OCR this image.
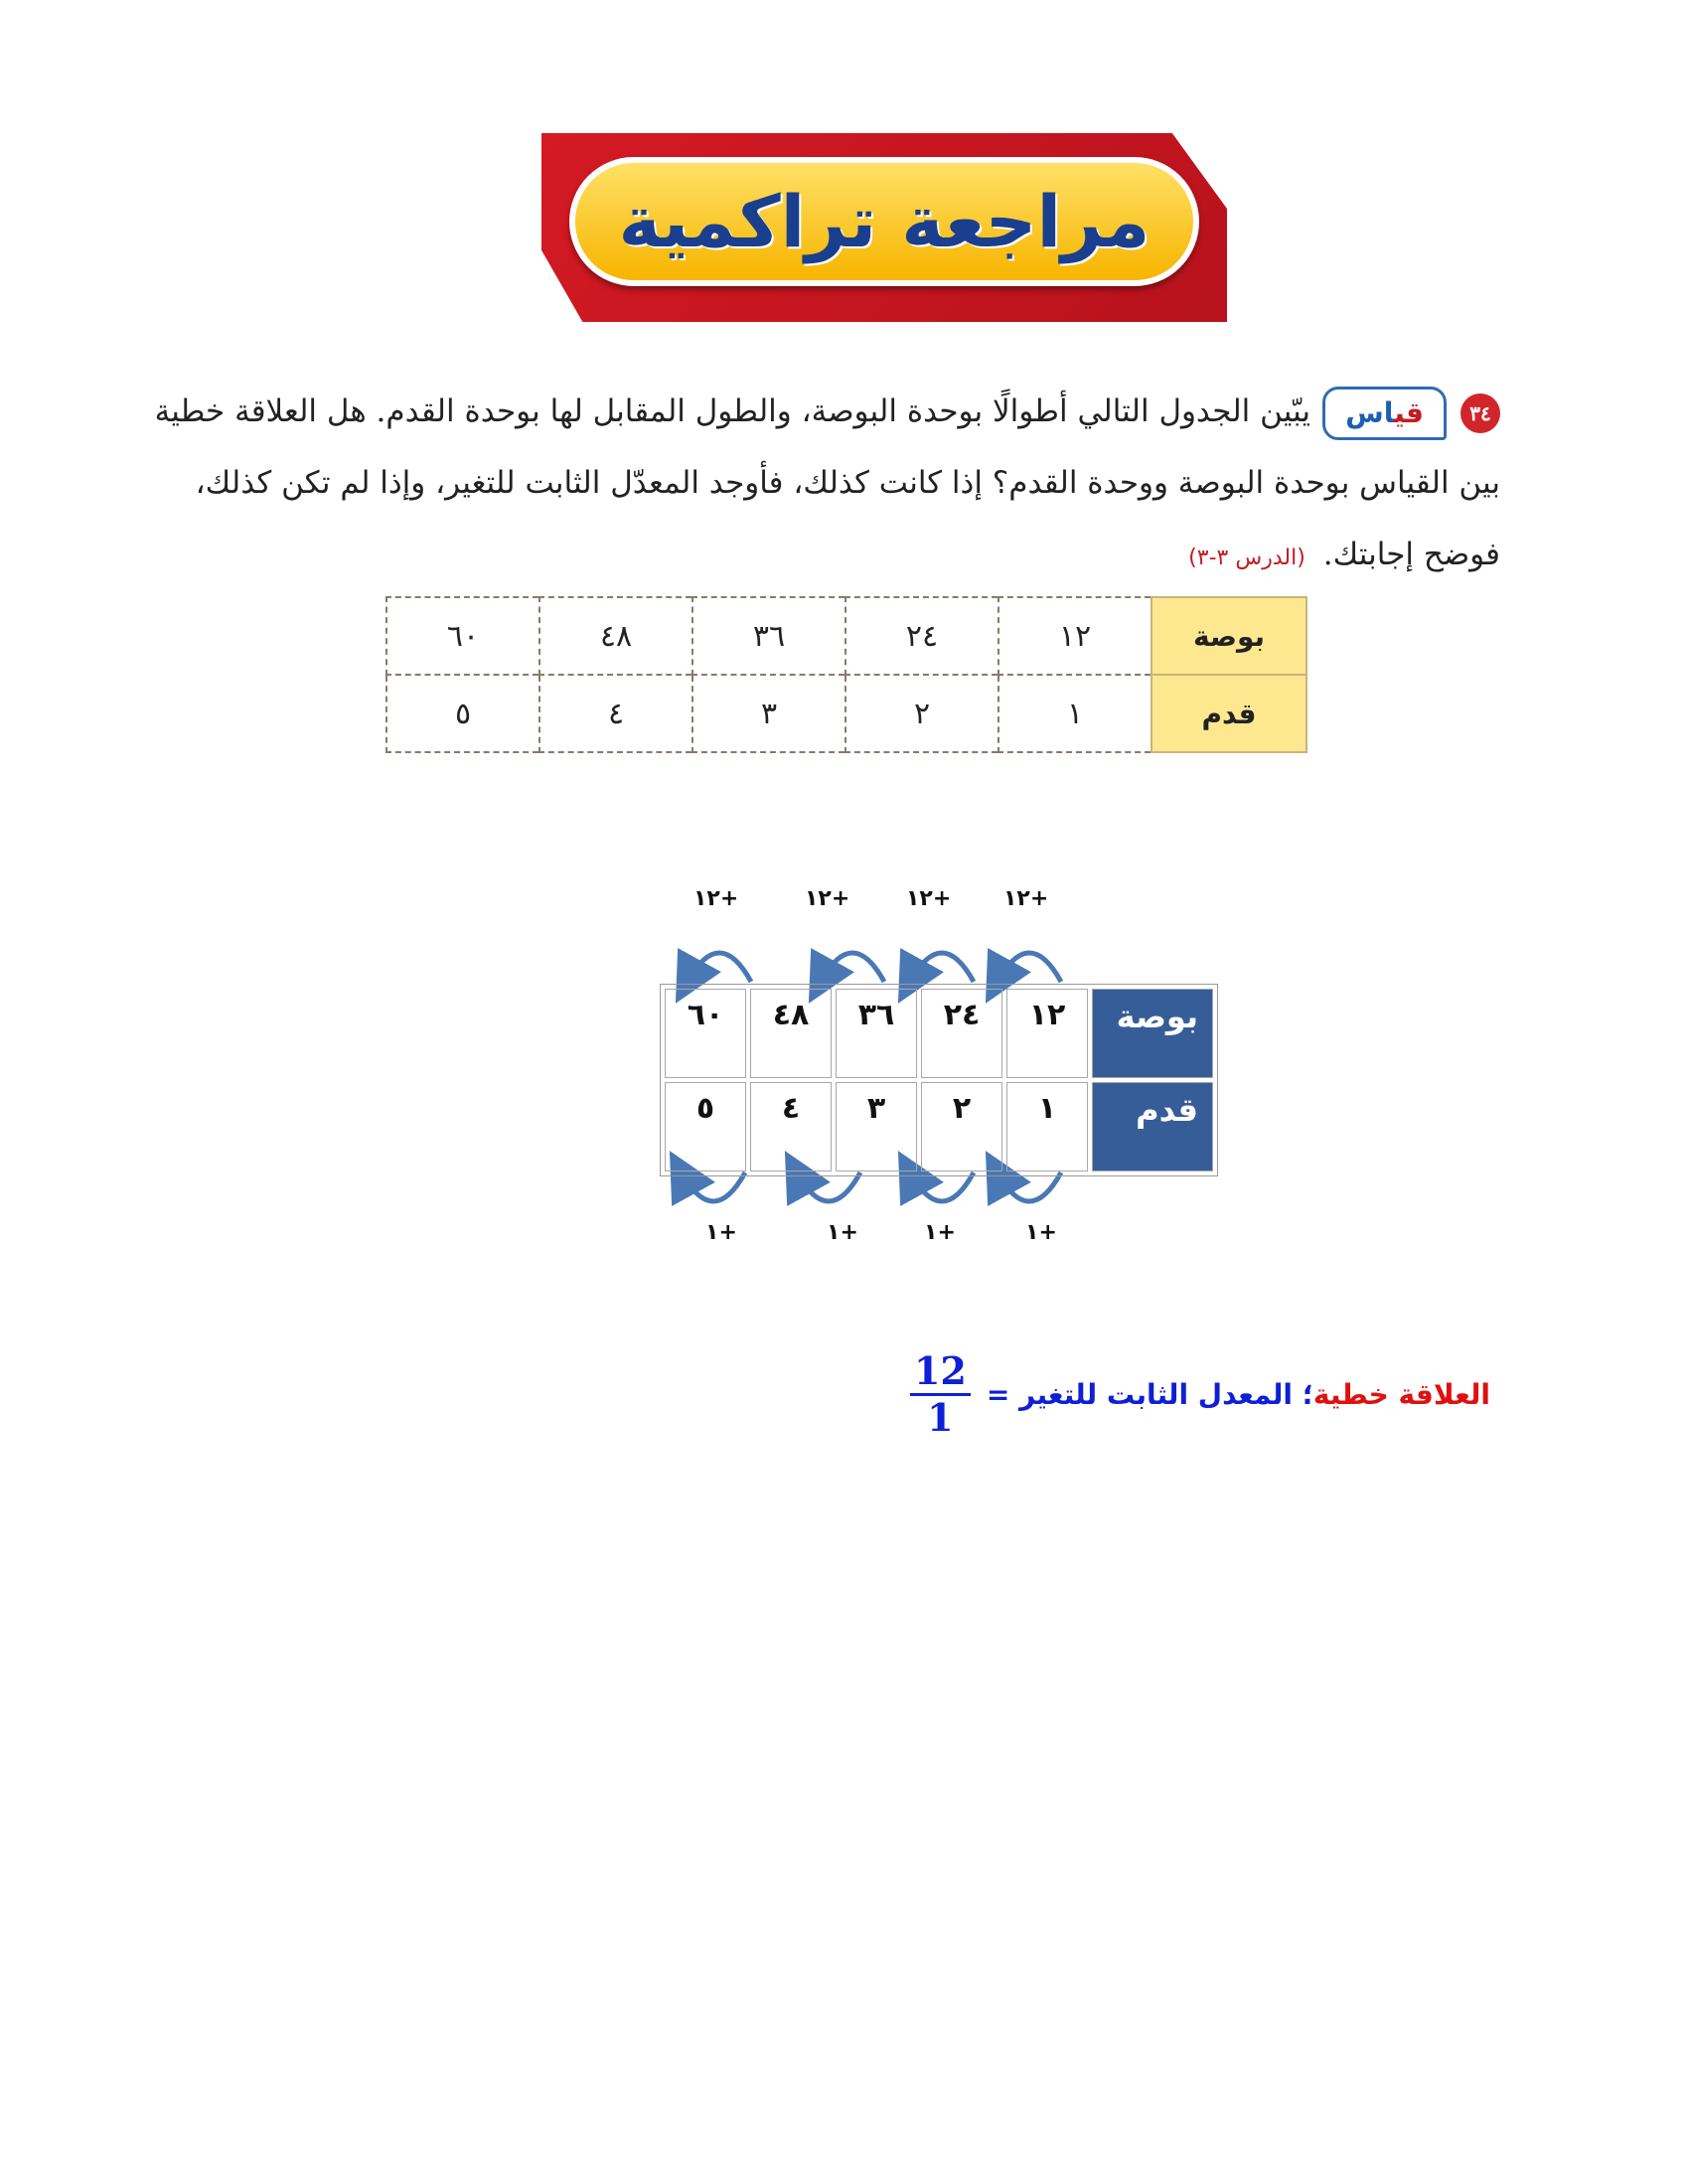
مراجعة تراكمية
٣٤قياسيبّين الجدول التالي أطوالًا بوحدة البوصة، والطول المقابل لها بوحدة القدم. هل العلاقة خطية
بين القياس بوحدة البوصة ووحدة القدم؟ إذا كانت كذلك، فأوجد المعدّل الثابت للتغير، وإذا لم تكن كذلك،
فوضح إجابتك.(الدرس ٣-٣)
بوصة	١٢	٢٤	٣٦	٤٨	٦٠
قدم	١	٢	٣	٤	٥
+١٢
+١٢
+١٢
+١٢
+١
+١
+١
+١
بوصة	١٢	٢٤	٣٦	٤٨	٦٠
قدم	١	٢	٣	٤	٥
العلاقة خطية
؛ المعدل الثابت للتغير =
$\frac{12}{1}$
